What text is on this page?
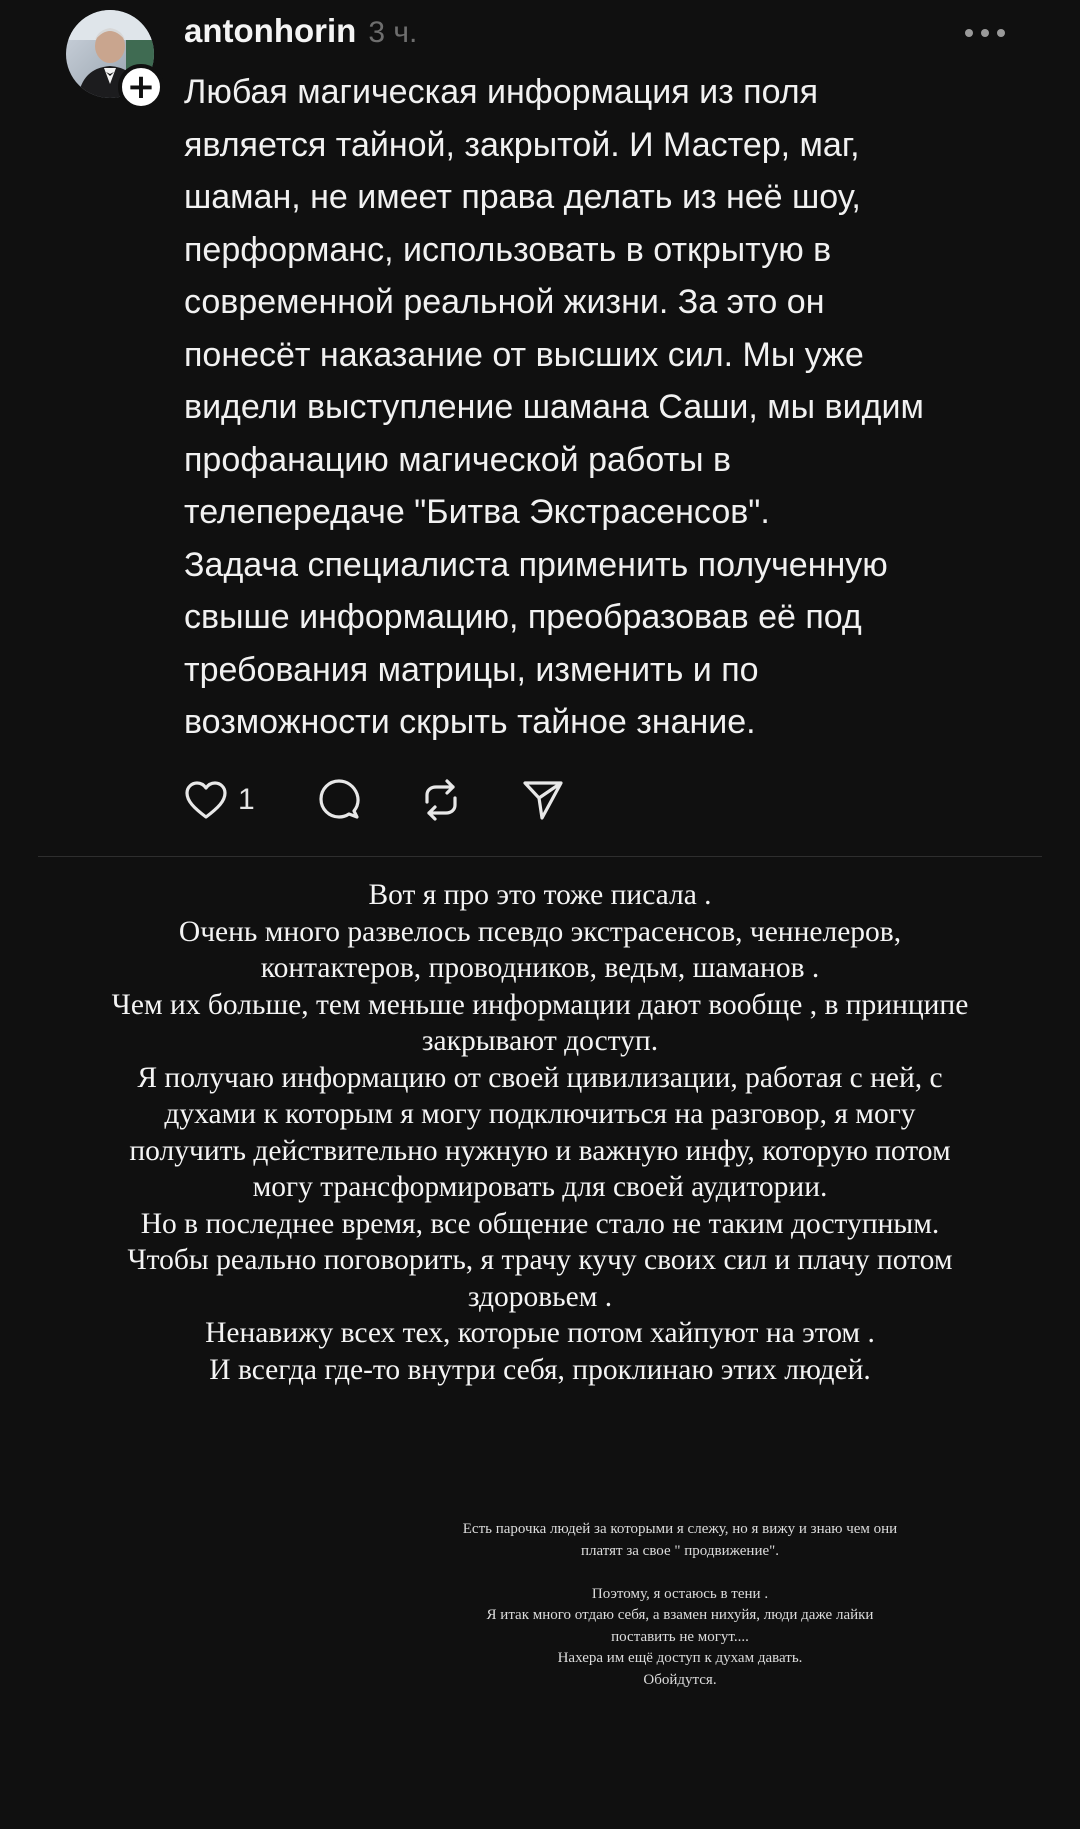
+
antonhorin 3 ч.
Любая магическая информация из поля
является тайной, закрытой. И Мастер, маг,
шаман, не имеет права делать из неё шоу,
перформанс, использовать в открытую в
современной реальной жизни. За это он
понесёт наказание от высших сил. Мы уже
видели выступление шамана Саши, мы видим
профанацию магической работы в
телепередаче "Битва Экстрасенсов".
Задача специалиста применить полученную
свыше информацию, преобразовав её под
требования матрицы, изменить и по
возможности скрыть тайное знание.
1
Вот я про это тоже писала .
Очень много развелось псевдо экстрасенсов, ченнелеров,
контактеров, проводников, ведьм, шаманов .
Чем их больше, тем меньше информации дают вообще , в принципе
закрывают доступ.
Я получаю информацию от своей цивилизации, работая с ней, с
духами к которым я могу подключиться на разговор, я могу
получить действительно нужную и важную инфу, которую потом
могу трансформировать для своей аудитории.
Но в последнее время, все общение стало не таким доступным.
Чтобы реально поговорить, я трачу кучу своих сил и плачу потом
здоровьем .
Ненавижу всех тех, которые потом хайпуют на этом .
И всегда где-то внутри себя, проклинаю этих людей.
Есть парочка людей за которыми я слежу, но я вижу и знаю чем они
платят за свое " продвижение".
Поэтому, я остаюсь в тени .
Я итак много отдаю себя, а взамен нихуйя, люди даже лайки
поставить не могут....
Нахера им ещё доступ к духам давать.
Обойдутся.
